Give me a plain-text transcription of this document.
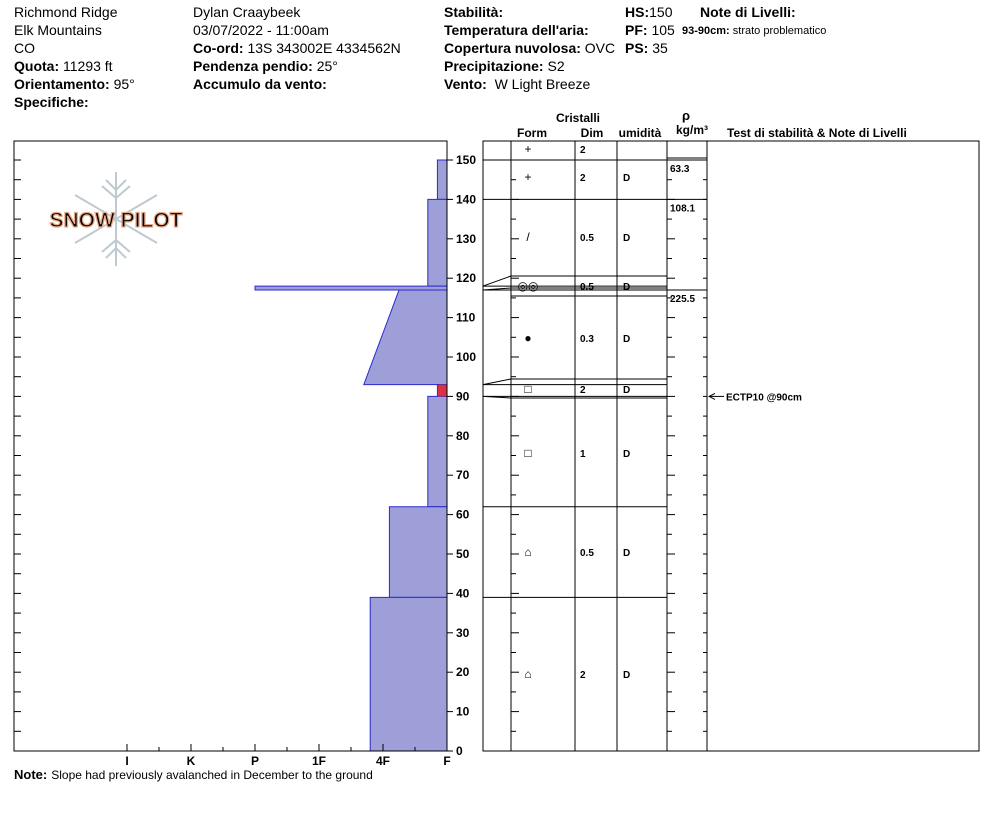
Richmond Ridge
Elk Mountains
CO
Quota: 11293 ft
Orientamento: 95°
Specifiche:
Dylan Craaybeek
03/07/2022 - 11:00am
Co-ord: 13S 343002E 4334562N
Pendenza pendio: 25°
Accumulo da vento:
Stabilità:
Temperatura dell'aria:
Copertura nuvolosa: OVC
Precipitazione: S2
Vento: W Light Breeze
HS:150
PF: 105
PS: 35
Note di Livelli:
93-90cm: strato problematico
SNOW PILOT
I	K	P	1F	4F	F
0
10
20
30
40
50
60
70
80
90
100
110
120
130
140
150
Cristalli
Form	Dim umidità
ρ
kg/m³ Test di stabilità & Note di Livelli
+	2
+	2	D
/	0.5	D
◎◎	0.5	D
●	0.3	D
□	2	D
□	1	D
⌂	0.5	D
⌂	2	D
63.3
108.1
225.5
ECTP10 @90cm
Note: Slope had previously avalanched in December to the ground
